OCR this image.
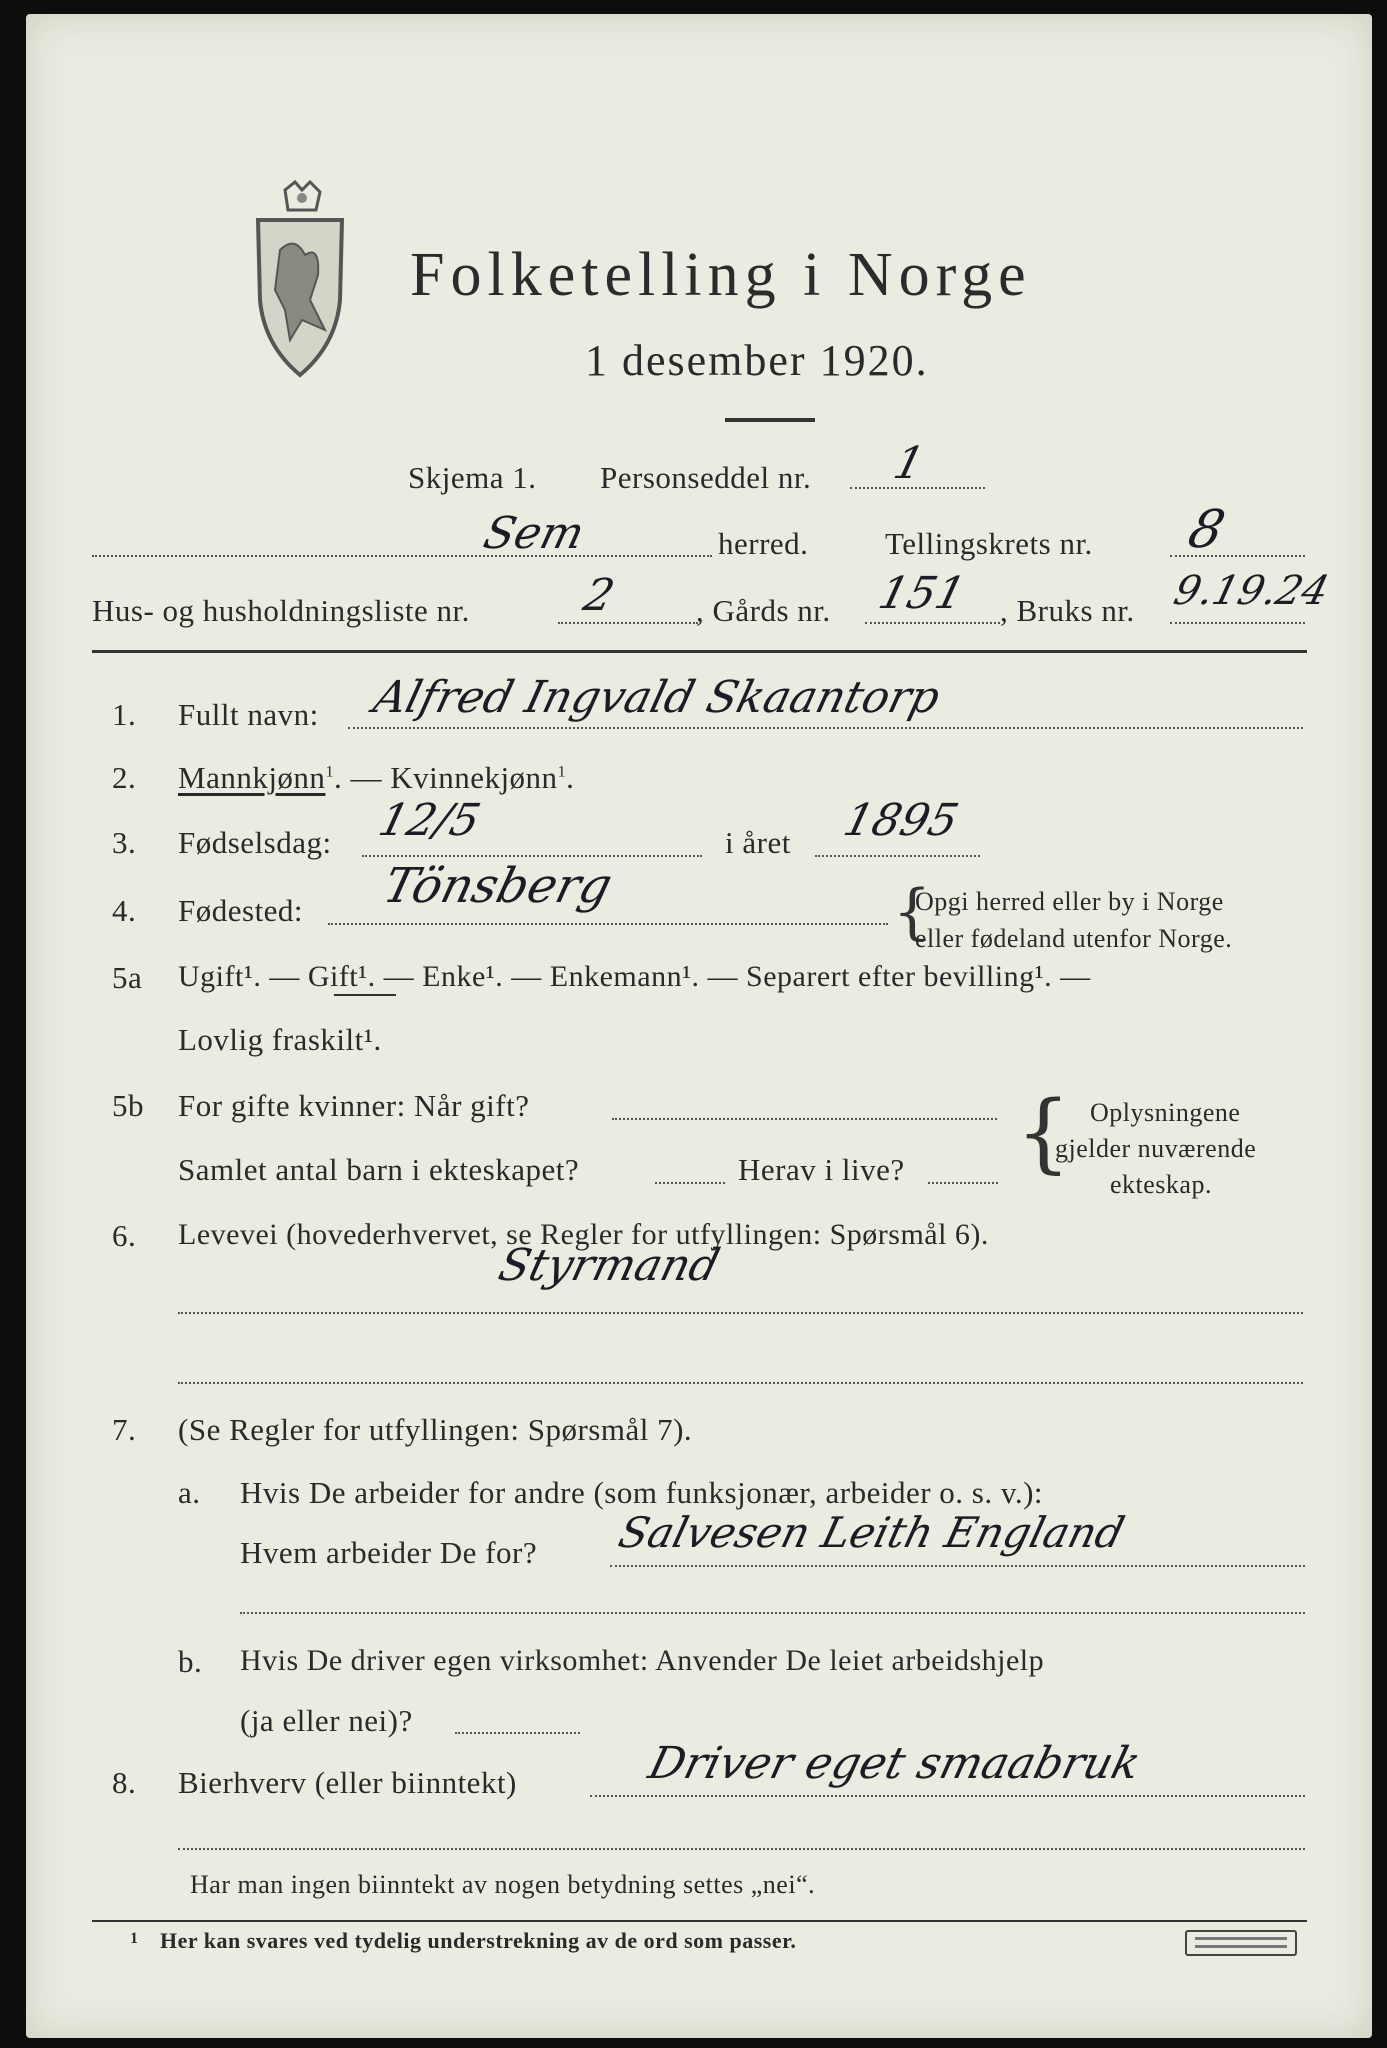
Folketelling i Norge
1 desember 1920.
Skjema 1. Personseddel nr. 1
Sem	herred. Tellingskrets nr. 8
Hus- og husholdningsliste nr. 2 , Gårds nr. 151 , Bruks nr. 9.19.24
1. Fullt navn: Alfred Ingvald Skaantorp
2. Mannkjønn$^1$. — Kvinnekjønn$^1$.
3. Fødselsdag: 12/5	i året 1895
4. Fødested: Tönsberg	{
Opgi herred eller by i Norge
eller fødeland utenfor Norge.
5a Ugift¹. — Gift¹. — Enke¹. — Enkemann¹. — Separert efter bevilling¹. —
Lovlig fraskilt¹.
5b For gifte kvinner: Når gift?
Samlet antal barn i ekteskapet?	Herav i live? { Oplysningene
gjelder nuværende
ekteskap.
6. Levevei (hovederhvervet, se Regler for utfyllingen: Spørsmål 6).
Styrmand
7. (Se Regler for utfyllingen: Spørsmål 7).
a. Hvis De arbeider for andre (som funksjonær, arbeider o. s. v.):
Hvem arbeider De for? Salvesen Leith England
b. Hvis De driver egen virksomhet: Anvender De leiet arbeidshjelp
(ja eller nei)?
8. Bierhverv (eller biinntekt)	Driver eget smaabruk
Har man ingen biinntekt av nogen betydning settes „nei“.
1 Her kan svares ved tydelig understrekning av de ord som passer.
